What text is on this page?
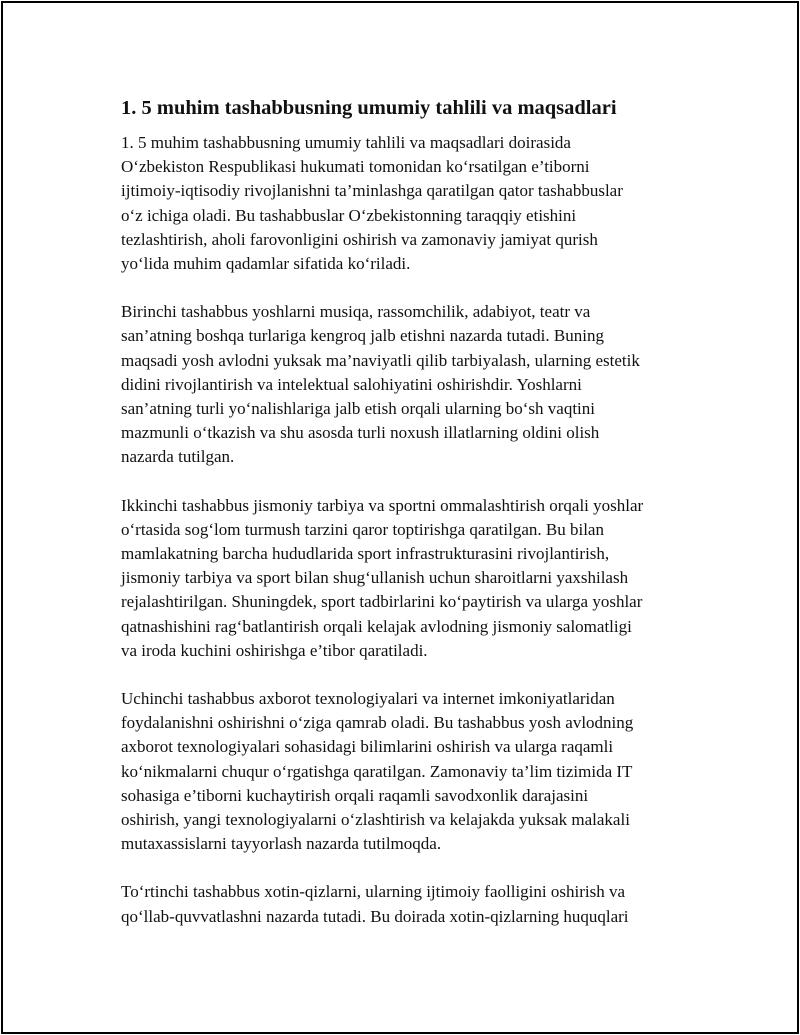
1. 5 muhim tashabbusning umumiy tahlili va maqsadlari

1. 5 muhim tashabbusning umumiy tahlili va maqsadlari doirasida
O‘zbekiston Respublikasi hukumati tomonidan ko‘rsatilgan e’tiborni
ijtimoiy-iqtisodiy rivojlanishni ta’minlashga qaratilgan qator tashabbuslar
o‘z ichiga oladi. Bu tashabbuslar O‘zbekistonning taraqqiy etishini
tezlashtirish, aholi farovonligini oshirish va zamonaviy jamiyat qurish
yo‘lida muhim qadamlar sifatida ko‘riladi.

Birinchi tashabbus yoshlarni musiqa, rassomchilik, adabiyot, teatr va
san’atning boshqa turlariga kengroq jalb etishni nazarda tutadi. Buning
maqsadi yosh avlodni yuksak ma’naviyatli qilib tarbiyalash, ularning estetik
didini rivojlantirish va intelektual salohiyatini oshirishdir. Yoshlarni
san’atning turli yo‘nalishlariga jalb etish orqali ularning bo‘sh vaqtini
mazmunli o‘tkazish va shu asosda turli noxush illatlarning oldini olish
nazarda tutilgan.

Ikkinchi tashabbus jismoniy tarbiya va sportni ommalashtirish orqali yoshlar
o‘rtasida sog‘lom turmush tarzini qaror toptirishga qaratilgan. Bu bilan
mamlakatning barcha hududlarida sport infrastrukturasini rivojlantirish,
jismoniy tarbiya va sport bilan shug‘ullanish uchun sharoitlarni yaxshilash
rejalashtirilgan. Shuningdek, sport tadbirlarini ko‘paytirish va ularga yoshlar
qatnashishini rag‘batlantirish orqali kelajak avlodning jismoniy salomatligi
va iroda kuchini oshirishga e’tibor qaratiladi.

Uchinchi tashabbus axborot texnologiyalari va internet imkoniyatlaridan
foydalanishni oshirishni o‘ziga qamrab oladi. Bu tashabbus yosh avlodning
axborot texnologiyalari sohasidagi bilimlarini oshirish va ularga raqamli
ko‘nikmalarni chuqur o‘rgatishga qaratilgan. Zamonaviy ta’lim tizimida IT
sohasiga e’tiborni kuchaytirish orqali raqamli savodxonlik darajasini
oshirish, yangi texnologiyalarni o‘zlashtirish va kelajakda yuksak malakali
mutaxassislarni tayyorlash nazarda tutilmoqda.

To‘rtinchi tashabbus xotin-qizlarni, ularning ijtimoiy faolligini oshirish va
qo‘llab-quvvatlashni nazarda tutadi. Bu doirada xotin-qizlarning huquqlari
